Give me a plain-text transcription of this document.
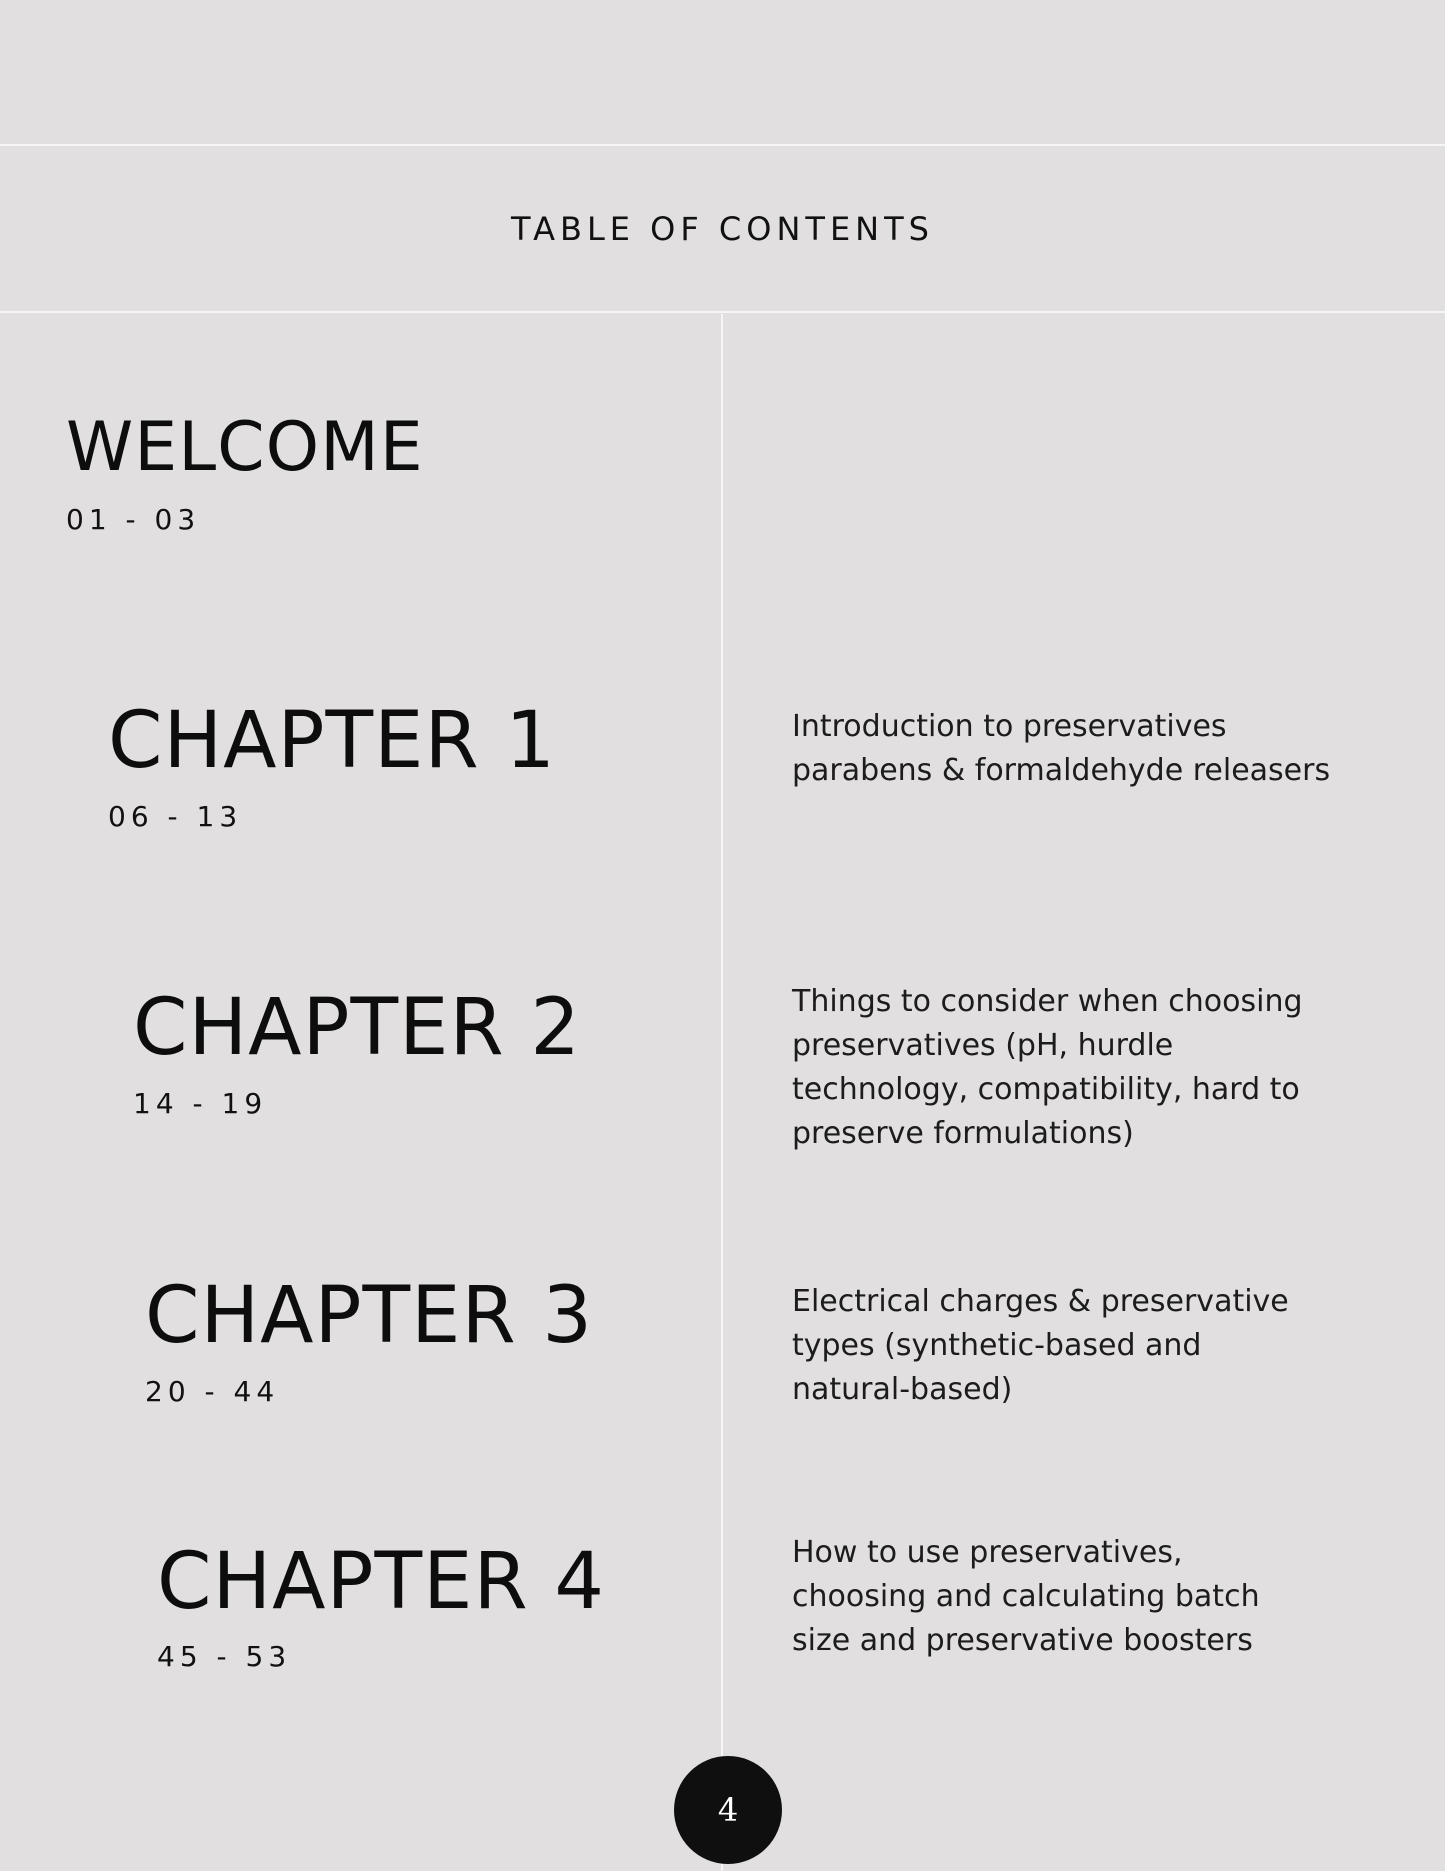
TABLE OF CONTENTS
WELCOME
01 - 03
CHAPTER 1
06 - 13
Introduction to preservatives
parabens & formaldehyde releasers
CHAPTER 2
14 - 19
Things to consider when choosing
preservatives (pH, hurdle
technology, compatibility, hard to
preserve formulations)
CHAPTER 3
20 - 44
Electrical charges & preservative
types (synthetic-based and
natural-based)
CHAPTER 4
45 - 53
How to use preservatives,
choosing and calculating batch
size and preservative boosters
4
